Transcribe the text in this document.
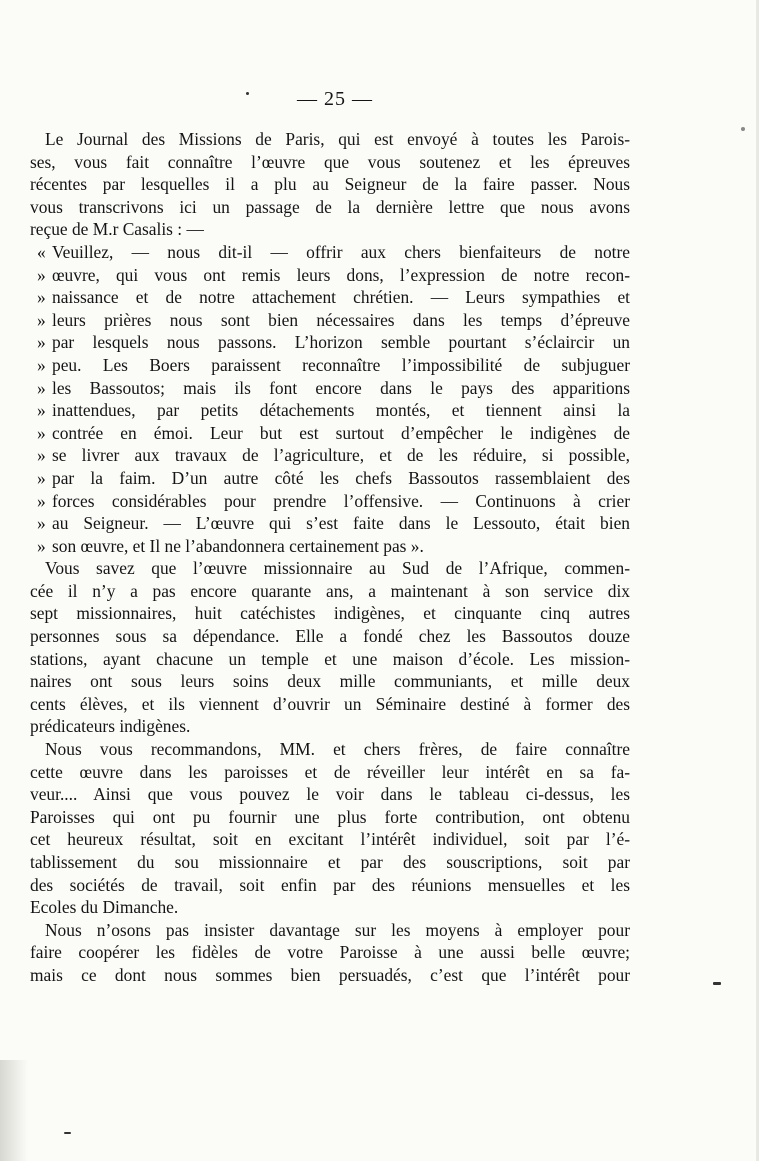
— 25 —
Le Journal des Missions de Paris, qui est envoyé à toutes les Parois-
ses, vous fait connaître l’œuvre que vous soutenez et les épreuves
récentes par lesquelles il a plu au Seigneur de la faire passer. Nous
vous transcrivons ici un passage de la dernière lettre que nous avons
reçue de M.r Casalis : —
« Veuillez, — nous dit-il — offrir aux chers bienfaiteurs de notre
» œuvre, qui vous ont remis leurs dons, l’expression de notre recon-
» naissance et de notre attachement chrétien. — Leurs sympathies et
» leurs prières nous sont bien nécessaires dans les temps d’épreuve
» par lesquels nous passons. L’horizon semble pourtant s’éclaircir un
» peu. Les Boers paraissent reconnaître l’impossibilité de subjuguer
» les Bassoutos; mais ils font encore dans le pays des apparitions
» inattendues, par petits détachements montés, et tiennent ainsi la
» contrée en émoi. Leur but est surtout d’empêcher le indigènes de
» se livrer aux travaux de l’agriculture, et de les réduire, si possible,
» par la faim. D’un autre côté les chefs Bassoutos rassemblaient des
» forces considérables pour prendre l’offensive. — Continuons à crier
» au Seigneur. — L’œuvre qui s’est faite dans le Lessouto, était bien
» son œuvre, et Il ne l’abandonnera certainement pas ».
Vous savez que l’œuvre missionnaire au Sud de l’Afrique, commen-
cée il n’y a pas encore quarante ans, a maintenant à son service dix
sept missionnaires, huit catéchistes indigènes, et cinquante cinq autres
personnes sous sa dépendance. Elle a fondé chez les Bassoutos douze
stations, ayant chacune un temple et une maison d’école. Les mission-
naires ont sous leurs soins deux mille communiants, et mille deux
cents élèves, et ils viennent d’ouvrir un Séminaire destiné à former des
prédicateurs indigènes.
Nous vous recommandons, MM. et chers frères, de faire connaître
cette œuvre dans les paroisses et de réveiller leur intérêt en sa fa-
veur.... Ainsi que vous pouvez le voir dans le tableau ci-dessus, les
Paroisses qui ont pu fournir une plus forte contribution, ont obtenu
cet heureux résultat, soit en excitant l’intérêt individuel, soit par l’é-
tablissement du sou missionnaire et par des souscriptions, soit par
des sociétés de travail, soit enfin par des réunions mensuelles et les
Ecoles du Dimanche.
Nous n’osons pas insister davantage sur les moyens à employer pour
faire coopérer les fidèles de votre Paroisse à une aussi belle œuvre;
mais ce dont nous sommes bien persuadés, c’est que l’intérêt pour
